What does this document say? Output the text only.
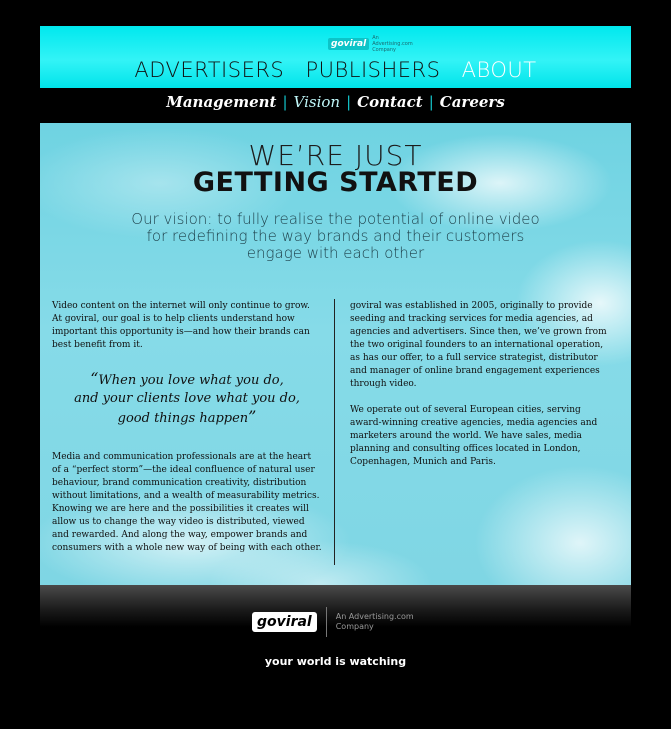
goviral
An Advertising.com Company
ADVERTISERS PUBLISHERS ABOUT
Management | Vision | Contact | Careers
WE’RE JUST
GETTING STARTED
Our vision: to fully realise the potential of online video for redefining the way brands and their customers engage with each other

Video content on the internet will only continue to grow. At goviral, our goal is to help clients understand how important this opportunity is—and how their brands can best benefit from it.

“When you love what you do,
and your clients love what you do,
good things happen”

Media and communication professionals are at the heart of a “perfect storm”—the ideal confluence of natural user behaviour, brand communication creativity, distribution without limitations, and a wealth of measurability metrics. Knowing we are here and the possibilities it creates will allow us to change the way video is distributed, viewed and rewarded. And along the way, empower brands and consumers with a whole new way of being with each other.

goviral was established in 2005, originally to provide seeding and tracking services for media agencies, ad agencies and advertisers. Since then, we’ve grown from the two original founders to an international operation, as has our offer, to a full service strategist, distributor and manager of online brand engagement experiences through video.

We operate out of several European cities, serving award-winning creative agencies, media agencies and marketers around the world. We have sales, media planning and consulting offices located in London, Copenhagen, Munich and Paris.

goviral	An Advertising.com Company
your world is watching
